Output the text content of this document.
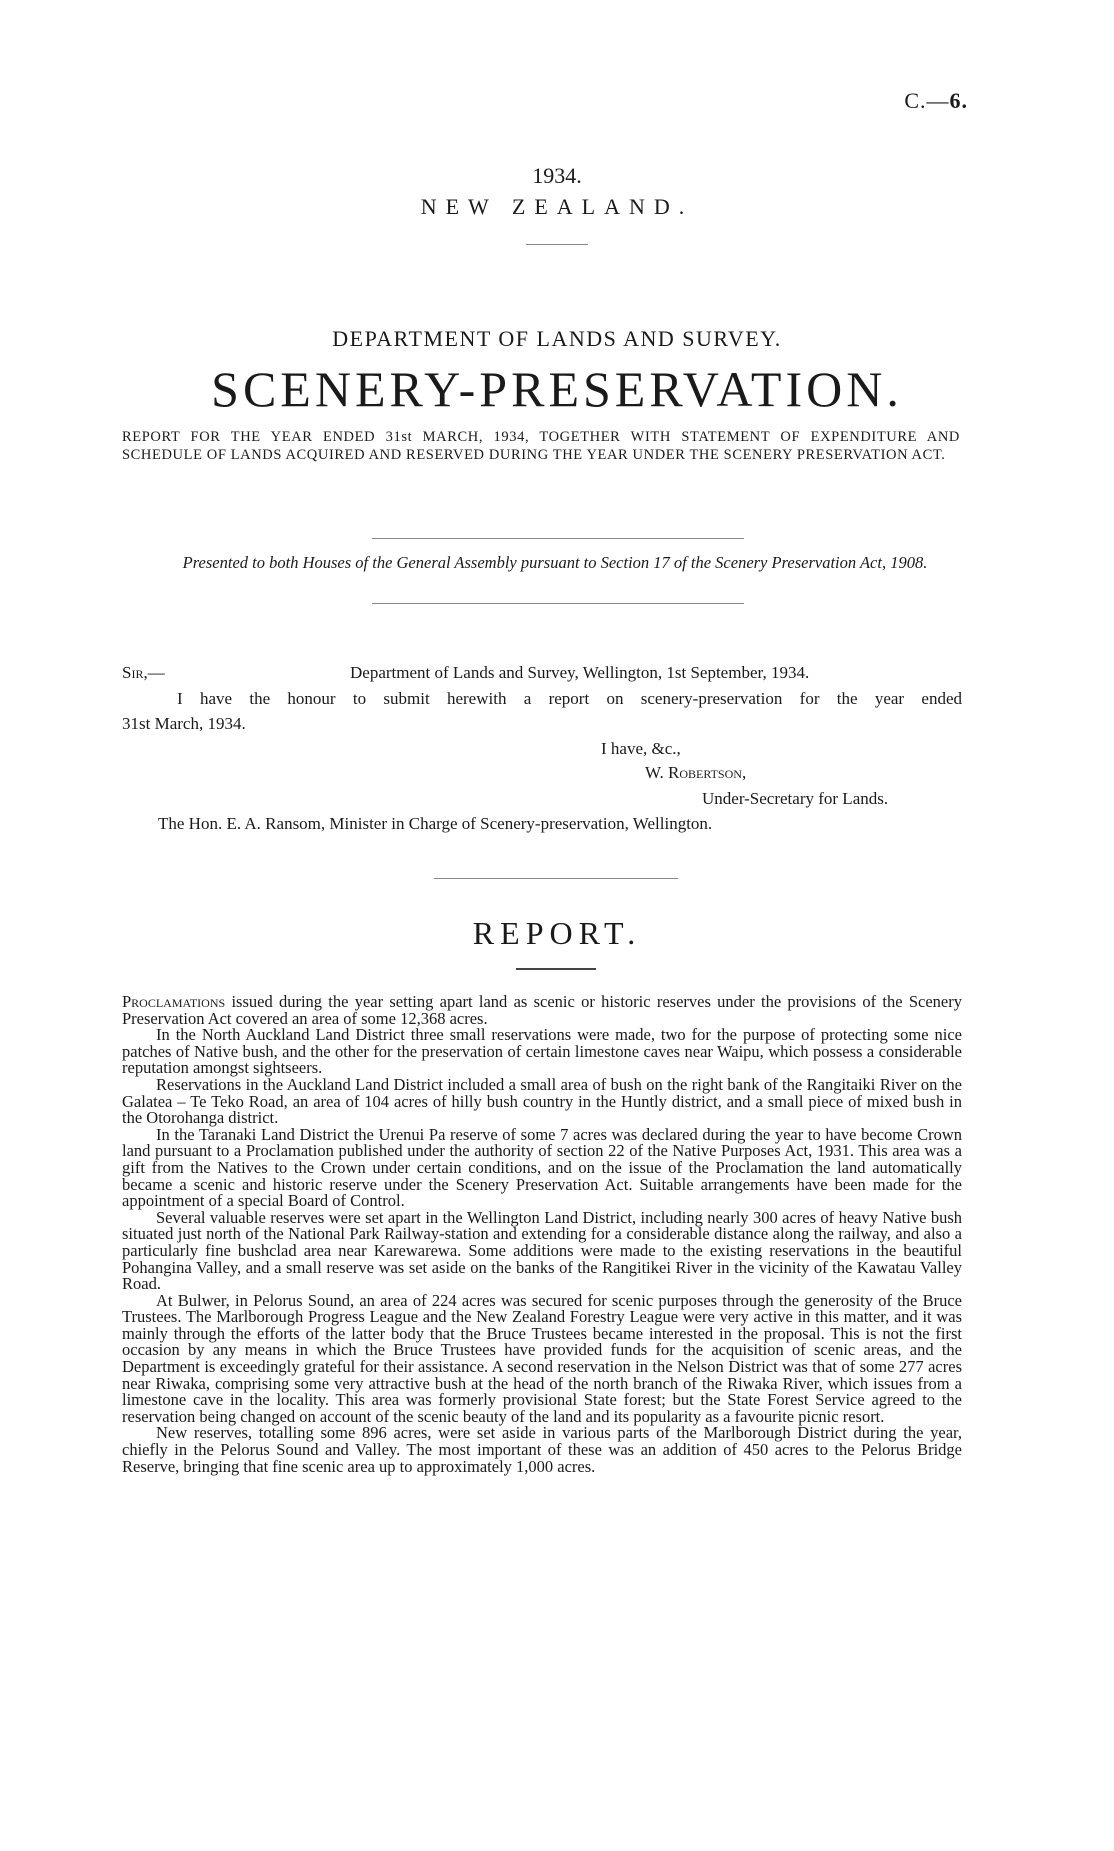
C.—6.
1934.
NEW ZEALAND.
DEPARTMENT OF LANDS AND SURVEY.
SCENERY-PRESERVATION.
REPORT FOR THE YEAR ENDED 31st MARCH, 1934, TOGETHER WITH STATEMENT OF EXPENDITURE AND SCHEDULE OF LANDS ACQUIRED AND RESERVED DURING THE YEAR UNDER THE SCENERY PRESERVATION ACT.
Presented to both Houses of the General Assembly pursuant to Section 17 of the Scenery Preservation Act, 1908.
Sir,—	Department of Lands and Survey, Wellington, 1st September, 1934.
I have the honour to submit herewith a report on scenery-preservation for the year ended
31st March, 1934.
I have, &c.,
W. Robertson,
Under-Secretary for Lands.
The Hon. E. A. Ransom, Minister in Charge of Scenery-preservation, Wellington.
REPORT.

Proclamations issued during the year setting apart land as scenic or historic reserves under the provisions of the Scenery Preservation Act covered an area of some 12,368 acres.

In the North Auckland Land District three small reservations were made, two for the purpose of protecting some nice patches of Native bush, and the other for the preservation of certain limestone caves near Waipu, which possess a considerable reputation amongst sightseers.

Reservations in the Auckland Land District included a small area of bush on the right bank of the Rangitaiki River on the Galatea – Te Teko Road, an area of 104 acres of hilly bush country in the Huntly district, and a small piece of mixed bush in the Otorohanga district.

In the Taranaki Land District the Urenui Pa reserve of some 7 acres was declared during the year to have become Crown land pursuant to a Proclamation published under the authority of section 22 of the Native Purposes Act, 1931. This area was a gift from the Natives to the Crown under certain conditions, and on the issue of the Proclamation the land automatically became a scenic and historic reserve under the Scenery Preservation Act. Suitable arrangements have been made for the appointment of a special Board of Control.

Several valuable reserves were set apart in the Wellington Land District, including nearly 300 acres of heavy Native bush situated just north of the National Park Railway-station and extending for a considerable distance along the railway, and also a particularly fine bushclad area near Karewarewa. Some additions were made to the existing reservations in the beautiful Pohangina Valley, and a small reserve was set aside on the banks of the Rangitikei River in the vicinity of the Kawatau Valley Road.

At Bulwer, in Pelorus Sound, an area of 224 acres was secured for scenic purposes through the generosity of the Bruce Trustees. The Marlborough Progress League and the New Zealand Forestry League were very active in this matter, and it was mainly through the efforts of the latter body that the Bruce Trustees became interested in the proposal. This is not the first occasion by any means in which the Bruce Trustees have provided funds for the acquisition of scenic areas, and the Department is exceedingly grateful for their assistance. A second reservation in the Nelson District was that of some 277 acres near Riwaka, comprising some very attractive bush at the head of the north branch of the Riwaka River, which issues from a limestone cave in the locality. This area was formerly provisional State forest; but the State Forest Service agreed to the reservation being changed on account of the scenic beauty of the land and its popularity as a favourite picnic resort.

New reserves, totalling some 896 acres, were set aside in various parts of the Marlborough District during the year, chiefly in the Pelorus Sound and Valley. The most important of these was an addition of 450 acres to the Pelorus Bridge Reserve, bringing that fine scenic area up to approximately 1,000 acres.
